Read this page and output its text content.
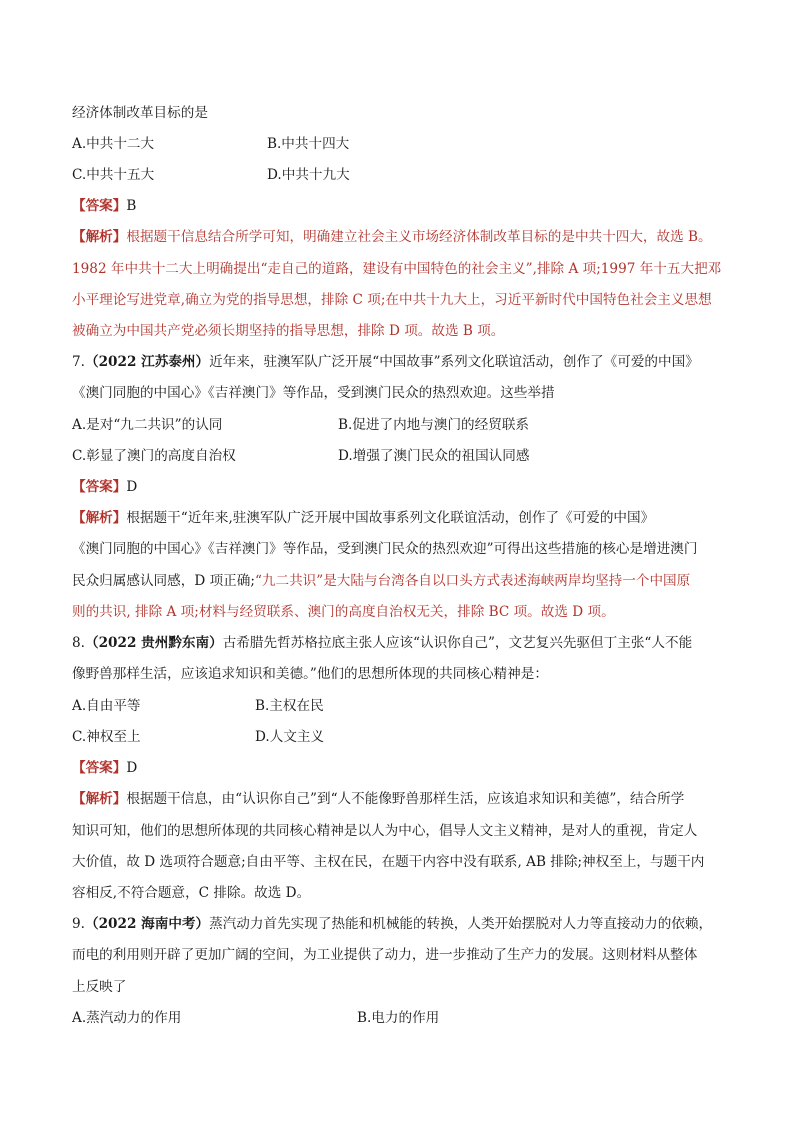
经济体制改革目标的是
A.中共十二大	B.中共十四大
C.中共十五大	D.中共十九大
【答案】B
【解析】根据题干信息结合所学可知，明确建立社会主义市场经济体制改革目标的是中共十四大，故选 B。
1982 年中共十二大上明确提出“走自己的道路，建设有中国特色的社会主义”,排除 A 项;1997 年十五大把邓
小平理论写进党章,确立为党的指导思想，排除 C 项;在中共十九大上，习近平新时代中国特色社会主义思想
被确立为中国共产党必须长期坚持的指导思想，排除 D 项。故选 B 项。
7.（2022 江苏泰州）近年来，驻澳军队广泛开展“中国故事”系列文化联谊活动，创作了《可爱的中国》
《澳门同胞的中国心》《吉祥澳门》等作品，受到澳门民众的热烈欢迎。这些举措
A.是对“九二共识”的认同	B.促进了内地与澳门的经贸联系
C.彰显了澳门的高度自治权	D.增强了澳门民众的祖国认同感
【答案】D
【解析】根据题干“近年来,驻澳军队广泛开展中国故事系列文化联谊活动，创作了《可爱的中国》
《澳门同胞的中国心》《吉祥澳门》等作品，受到澳门民众的热烈欢迎”可得出这些措施的核心是增进澳门
民众归属感认同感，D 项正确;“九二共识”是大陆与台湾各自以口头方式表述海峡两岸均坚持一个中国原
则的共识, 排除 A 项;材料与经贸联系、澳门的高度自治权无关，排除 BC 项。故选 D 项。
8.（2022 贵州黔东南）古希腊先哲苏格拉底主张人应该“认识你自己”，文艺复兴先驱但丁主张“人不能
像野兽那样生活，应该追求知识和美德。”他们的思想所体现的共同核心精神是：
A.自由平等	B.主权在民
C.神权至上	D.人文主义
【答案】D
【解析】根据题干信息，由“认识你自己”到“人不能像野兽那样生活，应该追求知识和美德”，结合所学
知识可知，他们的思想所体现的共同核心精神是以人为中心，倡导人文主义精神，是对人的重视，肯定人
大价值，故 D 选项符合题意;自由平等、主权在民，在题干内容中没有联系, AB 排除;神权至上，与题干内
容相反,不符合题意，C 排除。故选 D。
9.（2022 海南中考）蒸汽动力首先实现了热能和机械能的转换，人类开始摆脱对人力等直接动力的依赖，
而电的利用则开辟了更加广阔的空间，为工业提供了动力，进一步推动了生产力的发展。这则材料从整体
上反映了
A.蒸汽动力的作用	B.电力的作用
